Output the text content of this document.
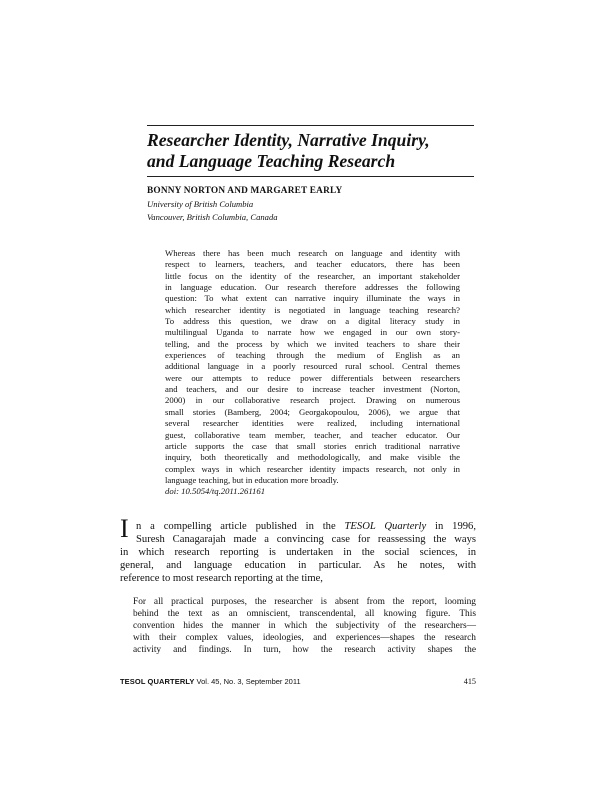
Researcher Identity, Narrative Inquiry,
and Language Teaching Research
BONNY NORTON AND MARGARET EARLY
University of British Columbia
Vancouver, British Columbia, Canada
Whereas there has been much research on language and identity with
respect to learners, teachers, and teacher educators, there has been
little focus on the identity of the researcher, an important stakeholder
in language education. Our research therefore addresses the following
question: To what extent can narrative inquiry illuminate the ways in
which researcher identity is negotiated in language teaching research?
To address this question, we draw on a digital literacy study in
multilingual Uganda to narrate how we engaged in our own story-
telling, and the process by which we invited teachers to share their
experiences of teaching through the medium of English as an
additional language in a poorly resourced rural school. Central themes
were our attempts to reduce power differentials between researchers
and teachers, and our desire to increase teacher investment (Norton,
2000) in our collaborative research project. Drawing on numerous
small stories (Bamberg, 2004; Georgakopoulou, 2006), we argue that
several researcher identities were realized, including international
guest, collaborative team member, teacher, and teacher educator. Our
article supports the case that small stories enrich traditional narrative
inquiry, both theoretically and methodologically, and make visible the
complex ways in which researcher identity impacts research, not only in
language teaching, but in education more broadly.
doi: 10.5054/tq.2011.261161
I n a compelling article published in the TESOL Quarterly in 1996,
Suresh Canagarajah made a convincing case for reassessing the ways
in which research reporting is undertaken in the social sciences, in
general, and language education in particular. As he notes, with
reference to most research reporting at the time,
For all practical purposes, the researcher is absent from the report, looming
behind the text as an omniscient, transcendental, all knowing figure. This
convention hides the manner in which the subjectivity of the researchers—
with their complex values, ideologies, and experiences—shapes the research
activity and findings. In turn, how the research activity shapes the
TESOL QUARTERLY Vol. 45, No. 3, September 2011	415
